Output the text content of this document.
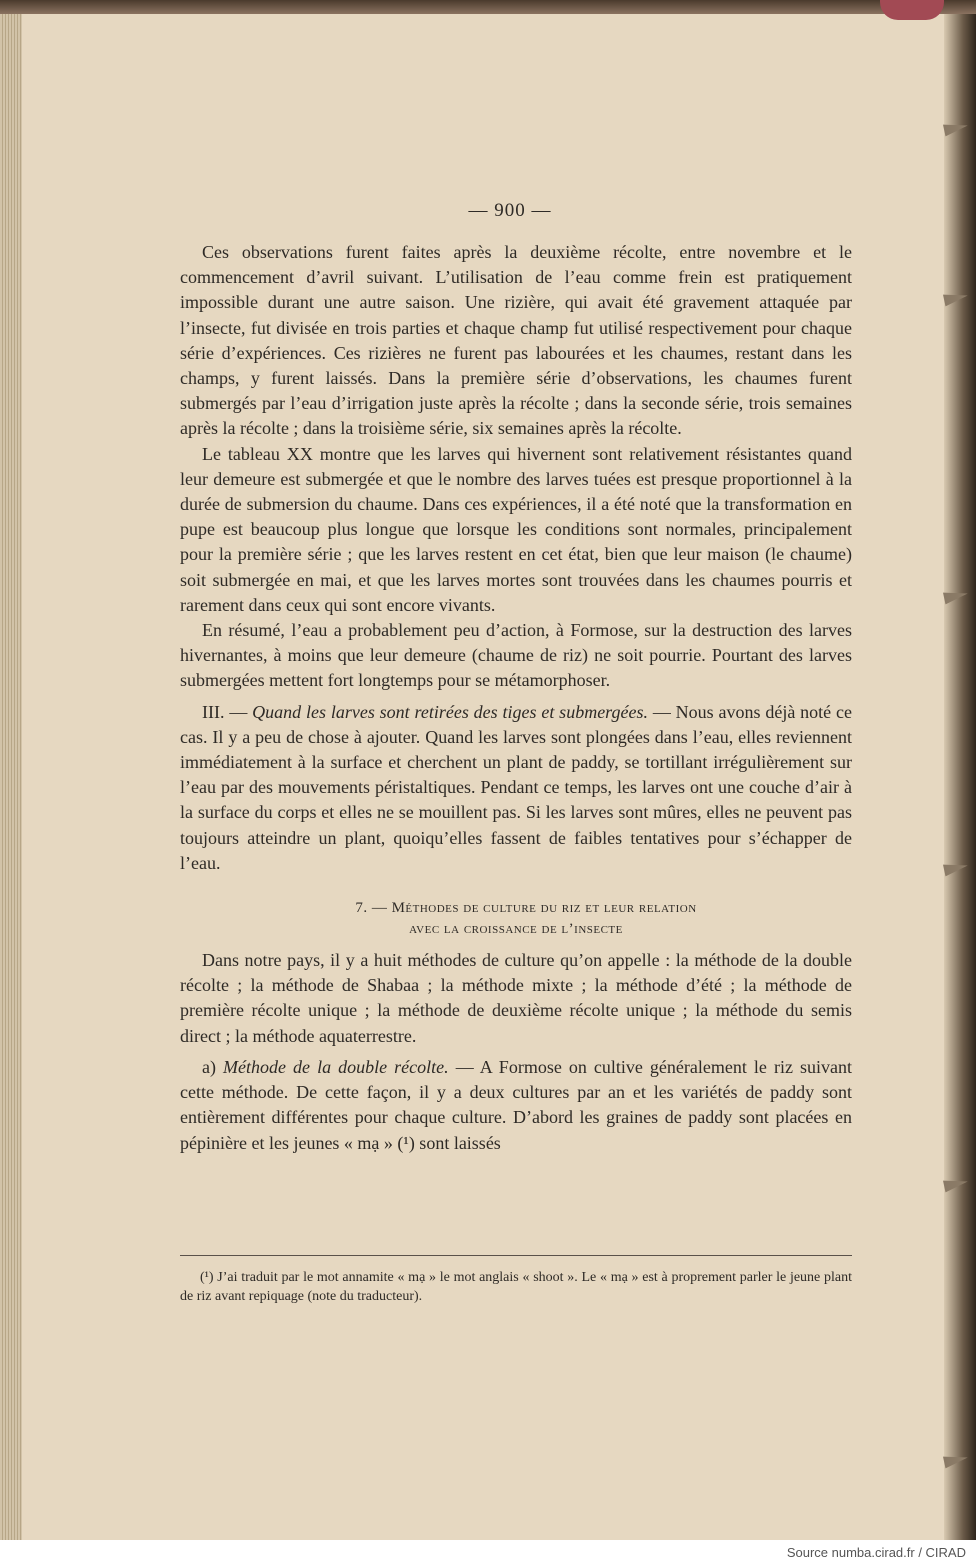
— 900 —

Ces observations furent faites après la deuxième récolte, entre novembre et le commencement d’avril suivant. L’utilisation de l’eau comme frein est pratiquement impossible durant une autre saison. Une rizière, qui avait été gravement attaquée par l’insecte, fut divisée en trois parties et chaque champ fut utilisé respectivement pour chaque série d’expériences. Ces rizières ne furent pas labourées et les chaumes, restant dans les champs, y furent laissés. Dans la première série d’observations, les chaumes furent submergés par l’eau d’irrigation juste après la récolte ; dans la seconde série, trois semaines après la récolte ; dans la troisième série, six semaines après la récolte.

Le tableau XX montre que les larves qui hivernent sont relativement résistantes quand leur demeure est submergée et que le nombre des larves tuées est presque proportionnel à la durée de submersion du chaume. Dans ces expériences, il a été noté que la transformation en pupe est beaucoup plus longue que lorsque les conditions sont normales, principalement pour la première série ; que les larves restent en cet état, bien que leur maison (le chaume) soit submergée en mai, et que les larves mortes sont trouvées dans les chaumes pourris et rarement dans ceux qui sont encore vivants.

En résumé, l’eau a probablement peu d’action, à Formose, sur la destruction des larves hivernantes, à moins que leur demeure (chaume de riz) ne soit pourrie. Pourtant des larves submergées mettent fort longtemps pour se métamorphoser.

III. — Quand les larves sont retirées des tiges et submergées. — Nous avons déjà noté ce cas. Il y a peu de chose à ajouter. Quand les larves sont plongées dans l’eau, elles reviennent immédiatement à la surface et cherchent un plant de paddy, se tortillant irrégulièrement sur l’eau par des mouvements péristaltiques. Pendant ce temps, les larves ont une couche d’air à la surface du corps et elles ne se mouillent pas. Si les larves sont mûres, elles ne peuvent pas toujours atteindre un plant, quoiqu’elles fassent de faibles tentatives pour s’échapper de l’eau.

7. — Méthodes de culture du riz et leur relation
avec la croissance de l’insecte

Dans notre pays, il y a huit méthodes de culture qu’on appelle : la méthode de la double récolte ; la méthode de Shabaa ; la méthode mixte ; la méthode d’été ; la méthode de première récolte unique ; la méthode de deuxième récolte unique ; la méthode du semis direct ; la méthode aquaterrestre.

a) Méthode de la double récolte. — A Formose on cultive généralement le riz suivant cette méthode. De cette façon, il y a deux cultures par an et les variétés de paddy sont entièrement différentes pour chaque culture. D’abord les graines de paddy sont placées en pépinière et les jeunes « mạ » (¹) sont laissés

(¹) J’ai traduit par le mot annamite « mạ » le mot anglais « shoot ». Le « mạ » est à proprement parler le jeune plant de riz avant repiquage (note du traducteur).
Source numba.cirad.fr / CIRAD
